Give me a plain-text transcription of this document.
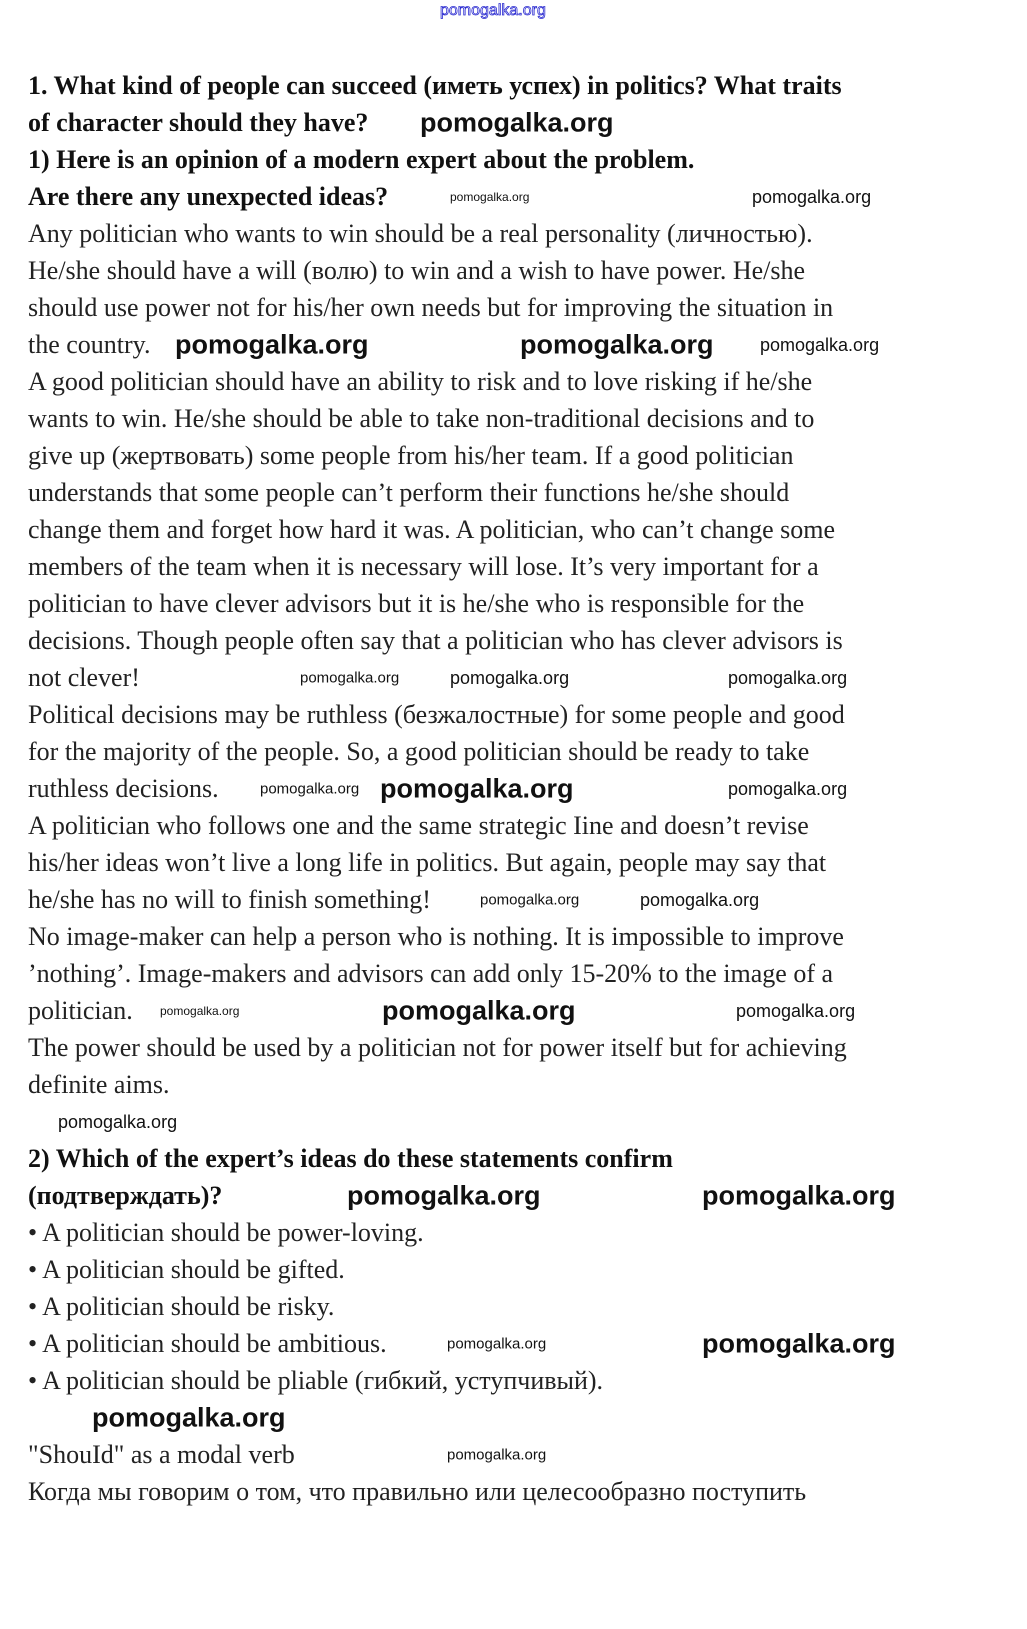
1. What kind of people can succeed (иметь успех) in politics? What traits
of character should they have?
1) Here is an opinion of a modern expert about the problem.
Are there any unexpected ideas?
Any politician who wants to win should be a real personality (личностью).
He/she should have a will (волю) to win and a wish to have power. He/she
should use power not for his/her own needs but for improving the situation in
the country.
A good politician should have an ability to risk and to love risking if he/she
wants to win. He/she should be able to take non-traditional decisions and to
give up (жертвовать) some people from his/her team. If a good politician
understands that some people can’t perform their functions he/she should
change them and forget how hard it was. A politician, who can’t change some
members of the team when it is necessary will lose. It’s very important for a
politician to have clever advisors but it is he/she who is responsible for the
decisions. Though people often say that a politician who has clever advisors is
not clever!
Political decisions may be ruthless (безжалостные) for some people and good
for the majority of the people. So, a good politician should be ready to take
ruthless decisions.
A politician who follows one and the same strategic Iine and doesn’t revise
his/her ideas won’t live a long life in politics. But again, people may say that
he/she has no will to finish something!
No image-maker can help a person who is nothing. It is impossible to improve
’nothing’. Image-makers and advisors can add only 15-20% to the image of a
politician.
The power should be used by a politician not for power itself but for achieving
definite aims.
2) Which of the expert’s ideas do these statements confirm
(подтверждать)?
• A politician should be power-loving.
• A politician should be gifted.
• A politician should be risky.
• A politician should be ambitious.
• A politician should be pliable (гибкий, уступчивый).
"ShouId" as a modal verb
Когда мы говорим о том, что правильно или целесообразно поступить
pomogalka.org
pomogalka.org
pomogalka.org	pomogalka.org
pomogalka.org	pomogalka.org	pomogalka.org
pomogalka.org	pomogalka.org	pomogalka.org
pomogalka.org pomogalka.org	pomogalka.org
pomogalka.org	pomogalka.org
pomogalka.org	pomogalka.org	pomogalka.org
pomogalka.org
pomogalka.org	pomogalka.org
pomogalka.org	pomogalka.org
pomogalka.org
pomogalka.org
